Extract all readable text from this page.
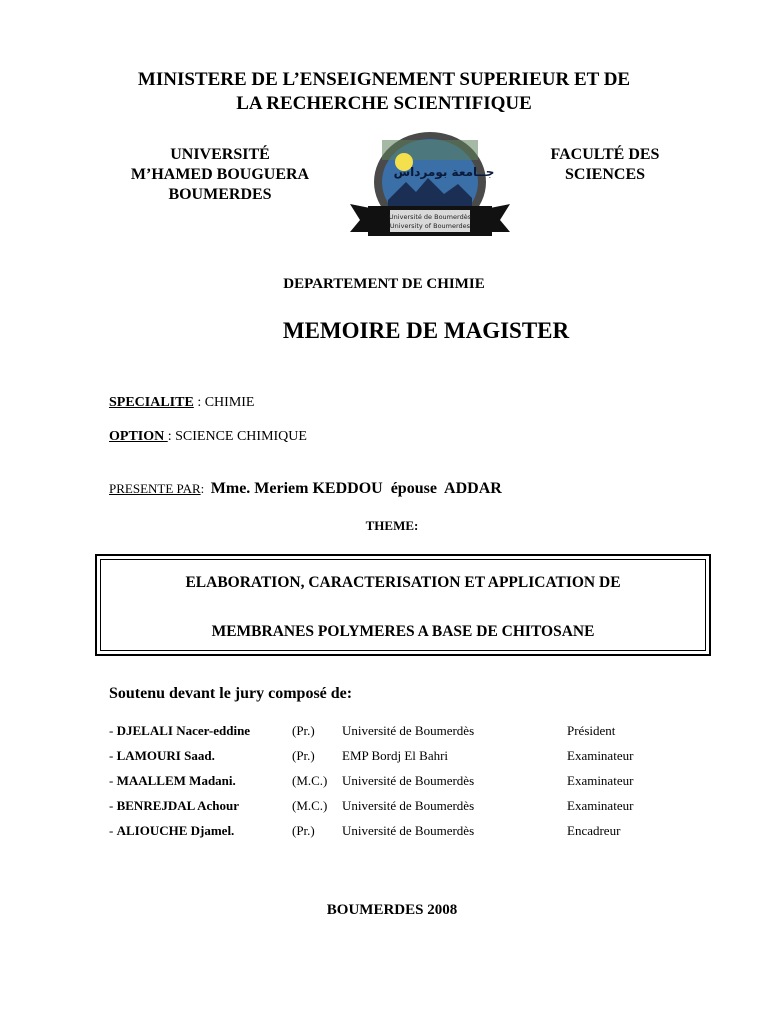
MINISTERE DE L’ENSEIGNEMENT SUPERIEUR ET DE
LA RECHERCHE SCIENTIFIQUE
UNIVERSITÉ
M’HAMED BOUGUERA
BOUMERDES
FACULTÉ DES
SCIENCES
جــامعة بومرداس
Université de Boumerdès
University of Boumerdes
DEPARTEMENT DE CHIMIE
MEMOIRE DE MAGISTER
SPECIALITE : CHIMIE
OPTION : SCIENCE CHIMIQUE
PRESENTE PAR:  Mme. Meriem KEDDOU  épouse  ADDAR
THEME:
ELABORATION, CARACTERISATION ET APPLICATION DE
MEMBRANES POLYMERES A BASE DE CHITOSANE
Soutenu devant le jury composé de:
- DJELALI Nacer-eddine	(Pr.) Université de Boumerdès	Président
- LAMOURI Saad.	(Pr.) EMP Bordj El Bahri	Examinateur
- MAALLEM Madani.	(M.C.) Université de Boumerdès	Examinateur
- BENREJDAL Achour	(M.C.) Université de Boumerdès	Examinateur
- ALIOUCHE Djamel.	(Pr.) Université de Boumerdès	Encadreur
BOUMERDES 2008
